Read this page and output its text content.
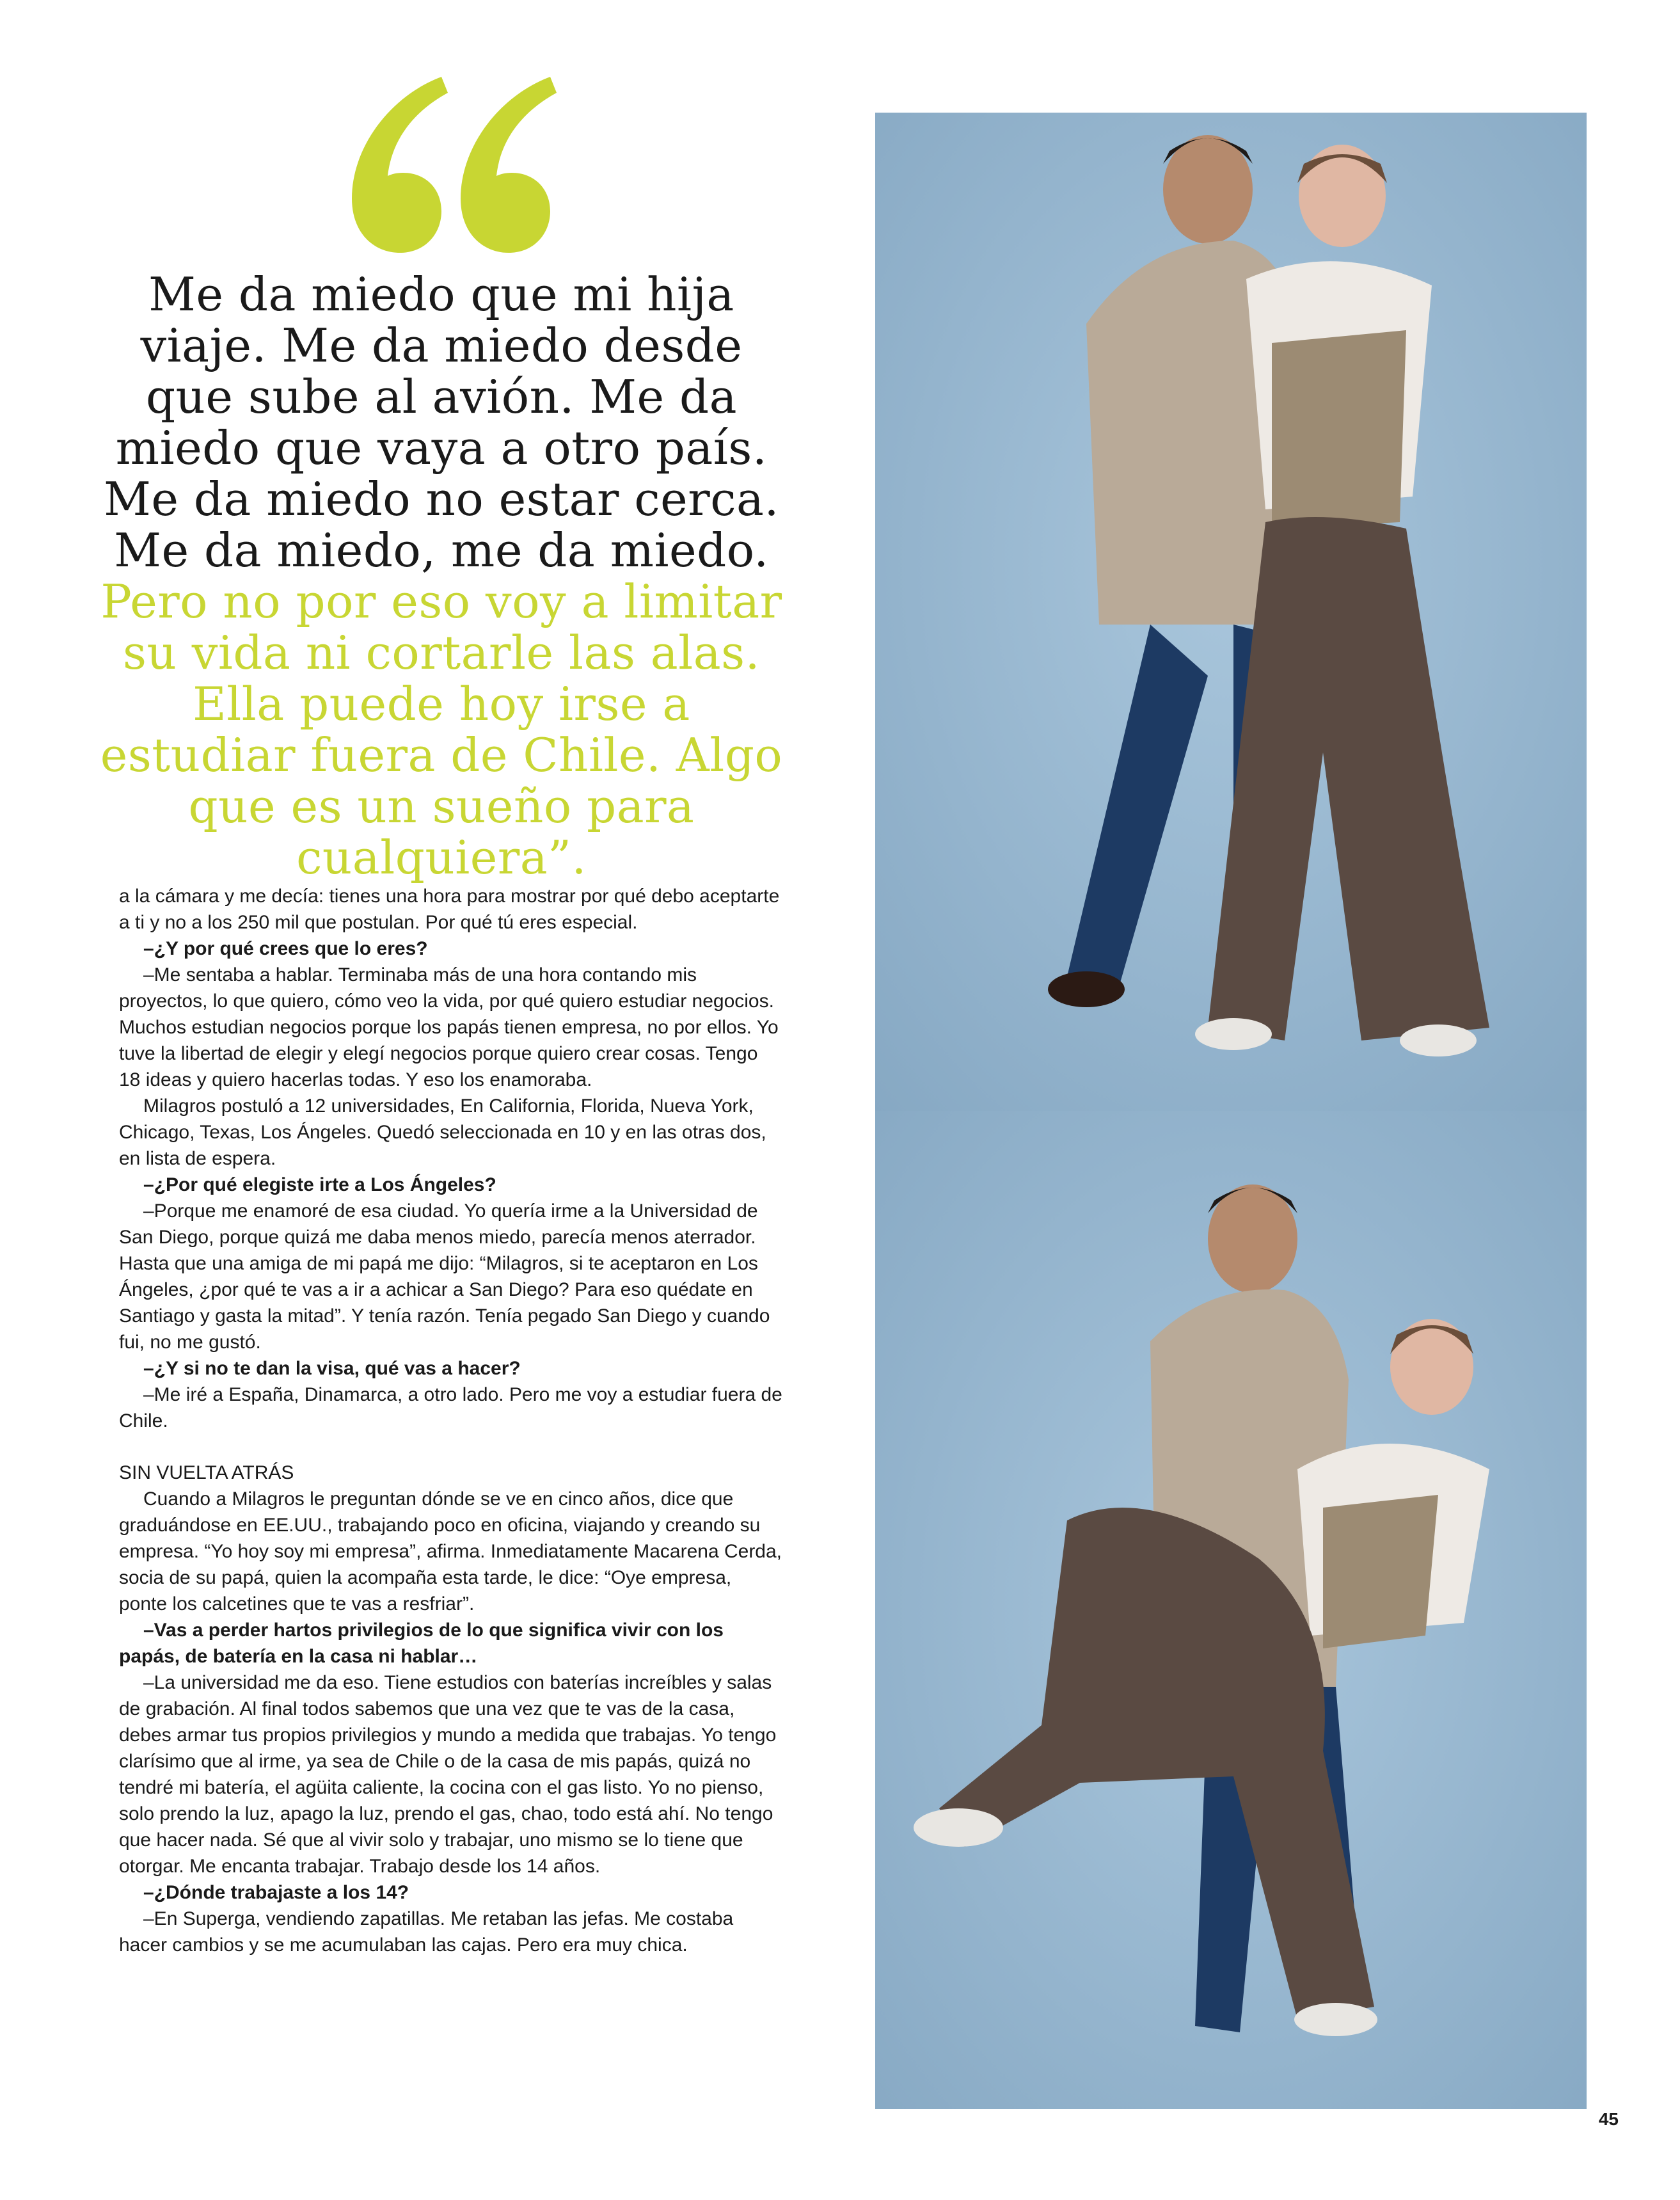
Me da miedo que mi hija viaje. Me da miedo desde que sube al avión. Me da miedo que vaya a otro país. Me da miedo no estar cerca. Me da miedo, me da miedo. Pero no por eso voy a limitar su vida ni cortarle las alas. Ella puede hoy irse a estudiar fuera de Chile. Algo que es un sueño para cualquiera”.

a la cámara y me decía: tienes una hora para mostrar por qué debo aceptarte a ti y no a los 250 mil que postulan. Por qué tú eres especial.

–¿Y por qué crees que lo eres?

–Me sentaba a hablar. Terminaba más de una hora contando mis proyectos, lo que quiero, cómo veo la vida, por qué quiero estudiar negocios. Muchos estudian negocios porque los papás tienen empresa, no por ellos. Yo tuve la libertad de elegir y elegí negocios porque quiero crear cosas. Tengo 18 ideas y quiero hacerlas todas. Y eso los enamoraba.

Milagros postuló a 12 universidades, En California, Florida, Nueva York, Chicago, Texas, Los Ángeles. Quedó seleccionada en 10 y en las otras dos, en lista de espera.

–¿Por qué elegiste irte a Los Ángeles?

–Porque me enamoré de esa ciudad. Yo quería irme a la Universidad de San Diego, porque quizá me daba menos miedo, parecía menos aterrador. Hasta que una amiga de mi papá me dijo: “Milagros, si te aceptaron en Los Ángeles, ¿por qué te vas a ir a achicar a San Diego? Para eso quédate en Santiago y gasta la mitad”. Y tenía razón. Tenía pegado San Diego y cuando fui, no me gustó.

–¿Y si no te dan la visa, qué vas a hacer?

–Me iré a España, Dinamarca, a otro lado. Pero me voy a estudiar fuera de Chile.

SIN VUELTA ATRÁS

Cuando a Milagros le preguntan dónde se ve en cinco años, dice que graduándose en EE.UU., trabajando poco en oficina, viajando y creando su empresa. “Yo hoy soy mi empresa”, afirma. Inmediatamente Macarena Cerda, socia de su papá, quien la acompaña esta tarde, le dice: “Oye empresa, ponte los calcetines que te vas a resfriar”.

–Vas a perder hartos privilegios de lo que significa vivir con los papás, de batería en la casa ni hablar…

–La universidad me da eso. Tiene estudios con baterías increíbles y salas de grabación. Al final todos sabemos que una vez que te vas de la casa, debes armar tus propios privilegios y mundo a medida que trabajas. Yo tengo clarísimo que al irme, ya sea de Chile o de la casa de mis papás, quizá no tendré mi batería, el agüita caliente, la cocina con el gas listo. Yo no pienso, solo prendo la luz, apago la luz, prendo el gas, chao, todo está ahí. No tengo que hacer nada. Sé que al vivir solo y trabajar, uno mismo se lo tiene que otorgar. Me encanta trabajar. Trabajo desde los 14 años.

–¿Dónde trabajaste a los 14?

–En Superga, vendiendo zapatillas. Me retaban las jefas. Me costaba hacer cambios y se me acumulaban las cajas. Pero era muy chica.

45
